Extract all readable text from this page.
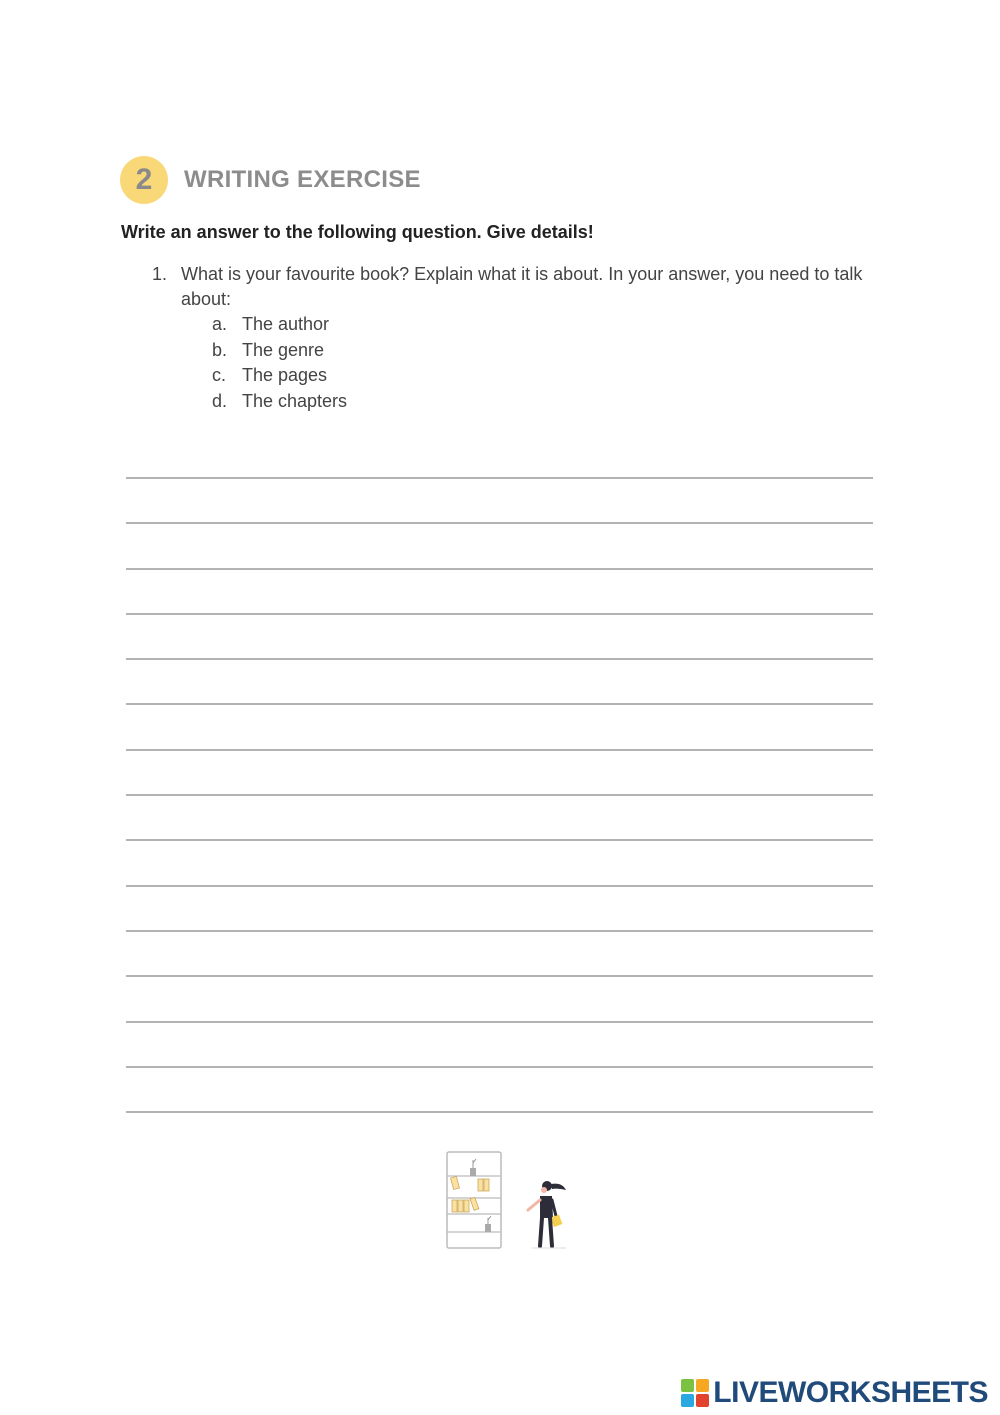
2	WRITING EXERCISE
Write an answer to the following question. Give details!
1. What is your favourite book? Explain what it is about. In your answer, you need to talk about:
a. The author
b. The genre
c. The pages
d. The chapters
LIVEWORKSHEETS
